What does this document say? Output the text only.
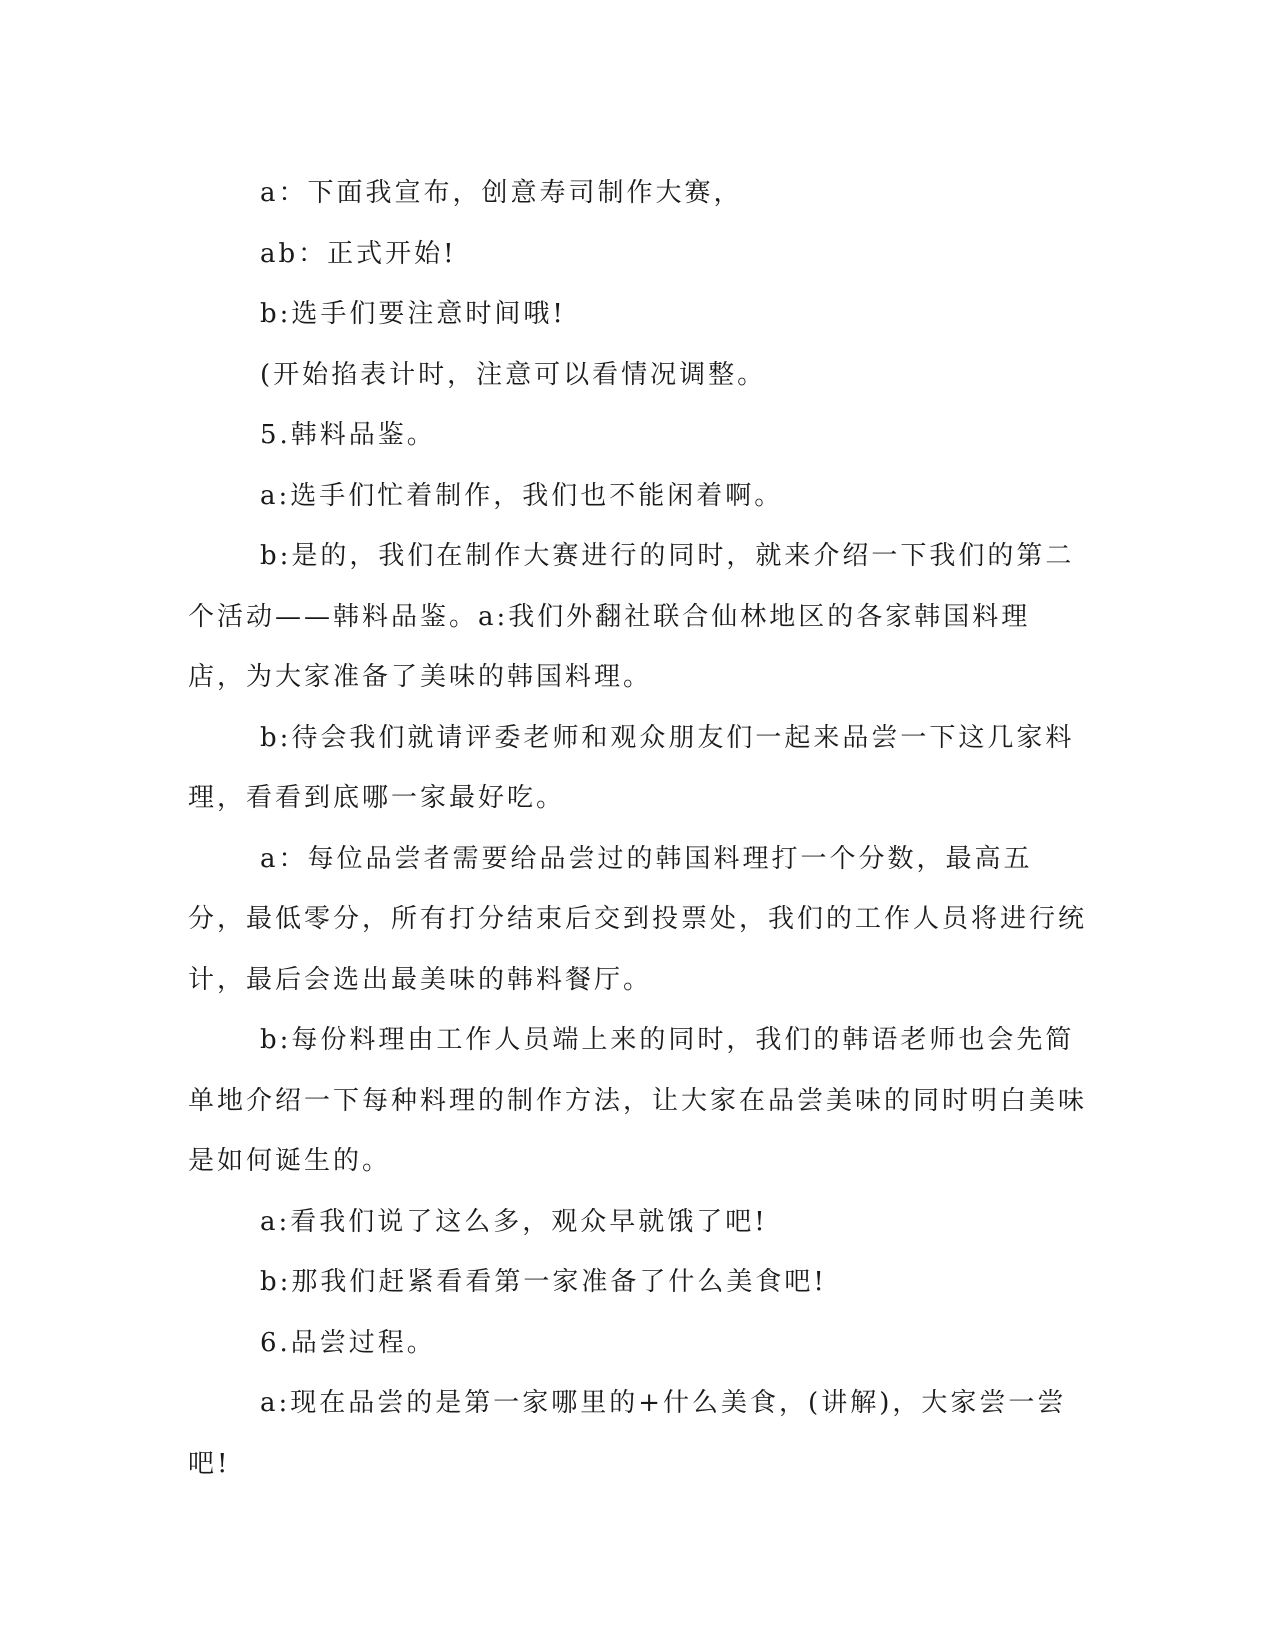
a：下面我宣布，创意寿司制作大赛，

ab：正式开始!

b:选手们要注意时间哦!

(开始掐表计时，注意可以看情况调整。

5.韩料品鉴。

a:选手们忙着制作，我们也不能闲着啊。

b:是的，我们在制作大赛进行的同时，就来介绍一下我们的第二个活动——韩料品鉴。a:我们外翻社联合仙林地区的各家韩国料理店，为大家准备了美味的韩国料理。

b:待会我们就请评委老师和观众朋友们一起来品尝一下这几家料理，看看到底哪一家最好吃。

a：每位品尝者需要给品尝过的韩国料理打一个分数，最高五分，最低零分，所有打分结束后交到投票处，我们的工作人员将进行统计，最后会选出最美味的韩料餐厅。

b:每份料理由工作人员端上来的同时，我们的韩语老师也会先简单地介绍一下每种料理的制作方法，让大家在品尝美味的同时明白美味是如何诞生的。

a:看我们说了这么多，观众早就饿了吧!

b:那我们赶紧看看第一家准备了什么美食吧!

6.品尝过程。

a:现在品尝的是第一家哪里的+什么美食，(讲解)，大家尝一尝吧!
